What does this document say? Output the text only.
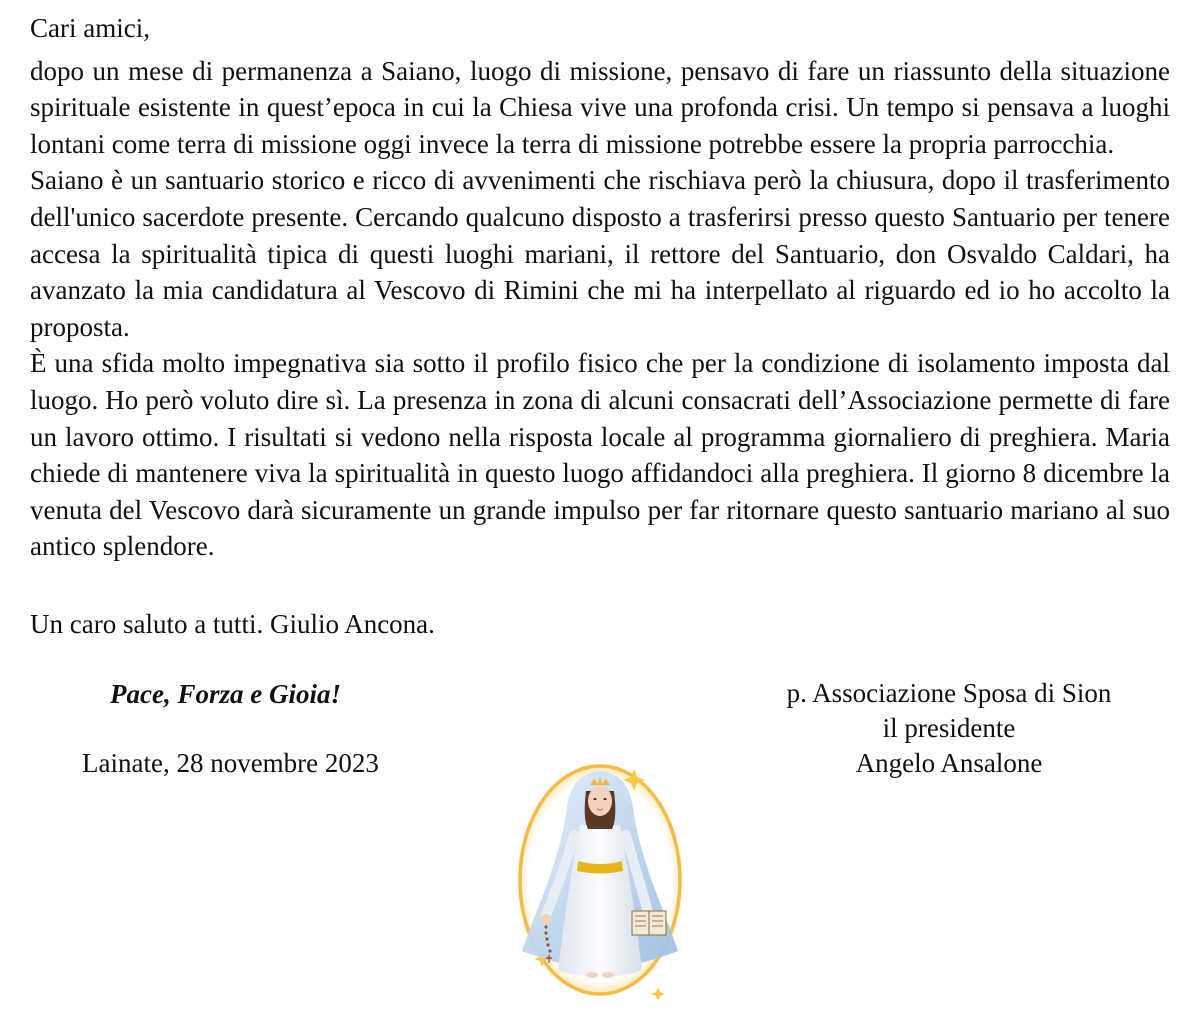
Cari amici,

dopo un mese di permanenza a Saiano, luogo di missione, pensavo di fare un riassunto della situazione spirituale esistente in quest’epoca in cui la Chiesa vive una profonda crisi. Un tempo si pensava a luoghi lontani come terra di missione oggi invece la terra di missione potrebbe essere la propria parrocchia.

Saiano è un santuario storico e ricco di avvenimenti che rischiava però la chiusura, dopo il trasferimento dell'unico sacerdote presente. Cercando qualcuno disposto a trasferirsi presso questo Santuario per tenere accesa la spiritualità tipica di questi luoghi mariani, il rettore del Santuario, don Osvaldo Caldari, ha avanzato la mia candidatura al Vescovo di Rimini che mi ha interpellato al riguardo ed io ho accolto la proposta.

È una sfida molto impegnativa sia sotto il profilo fisico che per la condizione di isolamento imposta dal luogo. Ho però voluto dire sì. La presenza in zona di alcuni consacrati dell’Associazione permette di fare un lavoro ottimo. I risultati si vedono nella risposta locale al programma giornaliero di preghiera. Maria chiede di mantenere viva la spiritualità in questo luogo affidandoci alla preghiera. Il giorno 8 dicembre la venuta del Vescovo darà sicuramente un grande impulso per far ritornare questo santuario mariano al suo antico splendore.

Un caro saluto a tutti. Giulio Ancona.

Pace, Forza e Gioia!

Lainate, 28 novembre 2023

p. Associazione Sposa di Sion
il presidente
Angelo Ansalone
